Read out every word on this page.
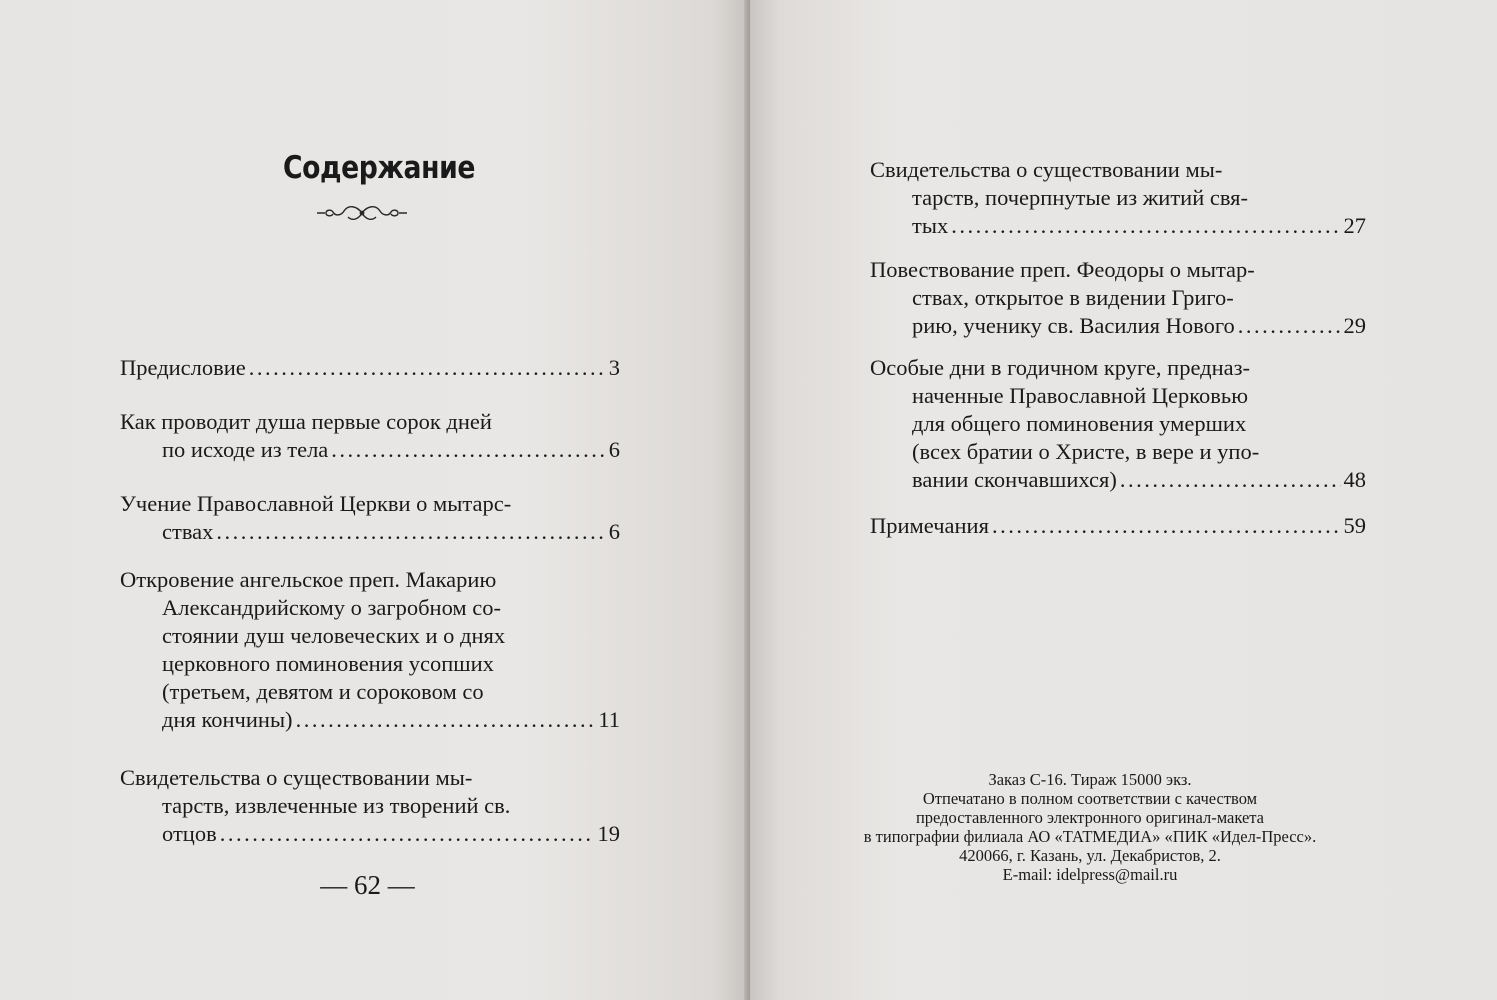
Содержание
Предисловие .....	3
Как проводит душа первые сорок дней
по исходе из тела .....	6
Учение Православной Церкви о мытарс-
ствах .....	6
Откровение ангельское преп. Макарию
Александрийскому о загробном со-
стоянии душ человеческих и о днях
церковного поминовения усопших
(третьем, девятом и сороковом со
дня кончины) .....	11
Свидетельства о существовании мы-
тарств, извлеченные из творений св.
отцов .....	19
— 62 —
Свидетельства о существовании мы-
тарств, почерпнутые из житий свя-
тых .....	27
Повествование преп. Феодоры о мытар-
ствах, открытое в видении Григо-
рию, ученику св. Василия Нового .....	29
Особые дни в годичном круге, предназ-
наченные Православной Церковью
для общего поминовения умерших
(всех братии о Христе, в вере и упо-
вании скончавшихся) .....	48
Примечания .....	59
Заказ С-16. Тираж 15000 экз.
Отпечатано в полном соответствии с качеством
предоставленного электронного оригинал-макета
в типографии филиала АО «ТАТМЕДИА» «ПИК «Идел-Пресс».
420066, г. Казань, ул. Декабристов, 2.
E-mail: idelpress@mail.ru
